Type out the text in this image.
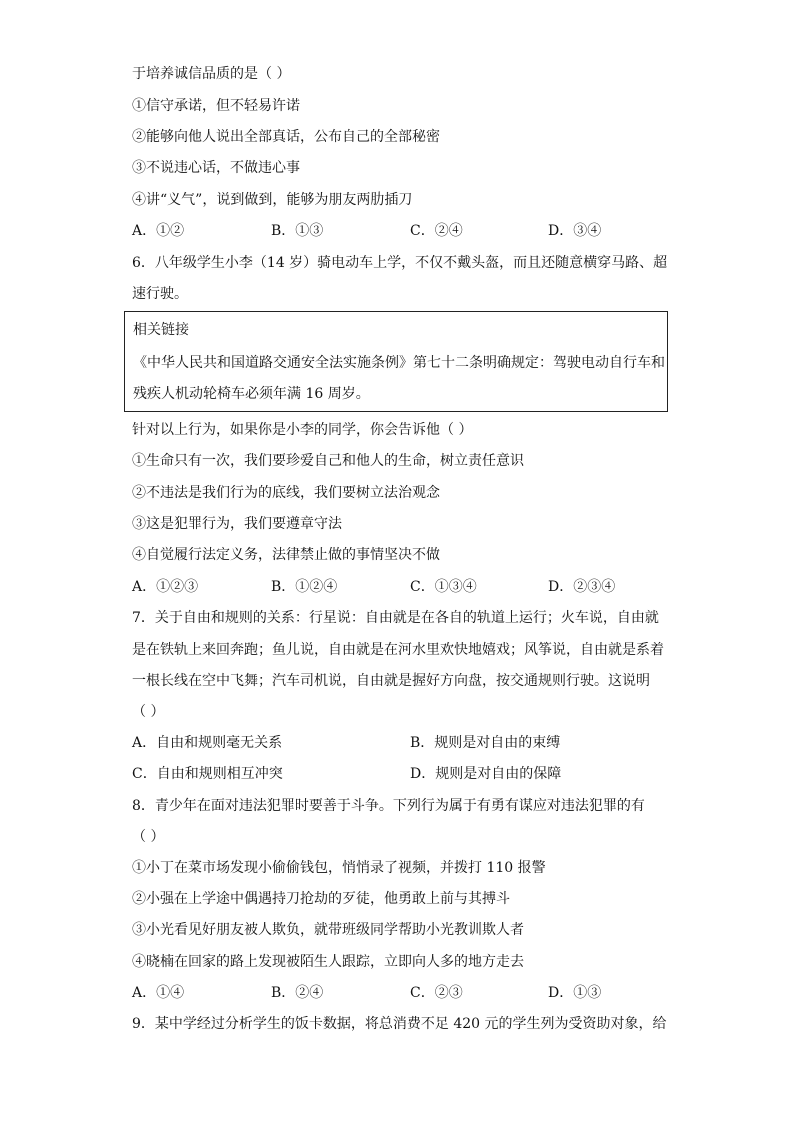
于培养诚信品质的是（ ）
①信守承诺，但不轻易许诺
②能够向他人说出全部真话，公布自己的全部秘密
③不说违心话，不做违心事
④讲“义气”，说到做到，能够为朋友两肋插刀
A．①②	B．①③	C．②④	D．③④
6．八年级学生小李（14 岁）骑电动车上学，不仅不戴头盔，而且还随意横穿马路、超
速行驶。
相关链接
《中华人民共和国道路交通安全法实施条例》第七十二条明确规定：驾驶电动自行车和
残疾人机动轮椅车必须年满 16 周岁。
针对以上行为，如果你是小李的同学，你会告诉他（ ）
①生命只有一次，我们要珍爱自己和他人的生命，树立责任意识
②不违法是我们行为的底线，我们要树立法治观念
③这是犯罪行为，我们要遵章守法
④自觉履行法定义务，法律禁止做的事情坚决不做
A．①②③	B．①②④	C．①③④	D．②③④
7．关于自由和规则的关系：行星说：自由就是在各自的轨道上运行；火车说，自由就
是在铁轨上来回奔跑；鱼儿说，自由就是在河水里欢快地嬉戏；风筝说，自由就是系着
一根长线在空中飞舞；汽车司机说，自由就是握好方向盘，按交通规则行驶。这说明
（ ）
A．自由和规则毫无关系	B．规则是对自由的束缚
C．自由和规则相互冲突	D．规则是对自由的保障
8．青少年在面对违法犯罪时要善于斗争。下列行为属于有勇有谋应对违法犯罪的有
（ ）
①小丁在菜市场发现小偷偷钱包，悄悄录了视频，并拨打 110 报警
②小强在上学途中偶遇持刀抢劫的歹徒，他勇敢上前与其搏斗
③小光看见好朋友被人欺负，就带班级同学帮助小光教训欺人者
④晓楠在回家的路上发现被陌生人跟踪，立即向人多的地方走去
A．①④	B．②④	C．②③	D．①③
9．某中学经过分析学生的饭卡数据，将总消费不足 420 元的学生列为受资助对象，给
